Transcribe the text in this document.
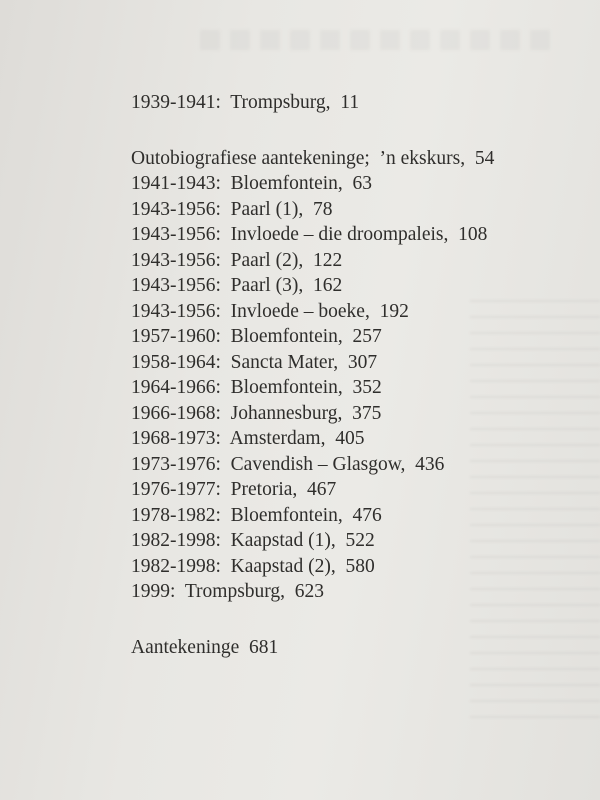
1939-1941:  Trompsburg,  11
Outobiografiese aantekeninge;  ’n ekskurs,  54
1941-1943:  Bloemfontein,  63
1943-1956:  Paarl (1),  78
1943-1956:  Invloede – die droompaleis,  108
1943-1956:  Paarl (2),  122
1943-1956:  Paarl (3),  162
1943-1956:  Invloede – boeke,  192
1957-1960:  Bloemfontein,  257
1958-1964:  Sancta Mater,  307
1964-1966:  Bloemfontein,  352
1966-1968:  Johannesburg,  375
1968-1973:  Amsterdam,  405
1973-1976:  Cavendish – Glasgow,  436
1976-1977:  Pretoria,  467
1978-1982:  Bloemfontein,  476
1982-1998:  Kaapstad (1),  522
1982-1998:  Kaapstad (2),  580
1999:  Trompsburg,  623
Aantekeninge  681
